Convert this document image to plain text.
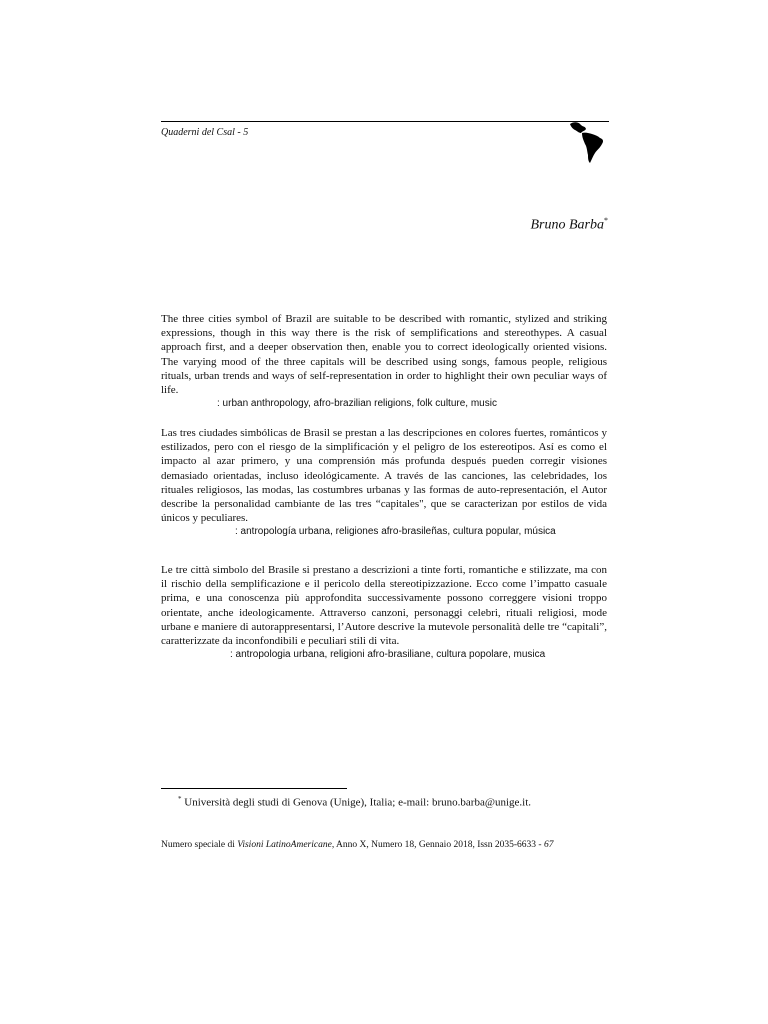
Quaderni del Csal - 5
Bruno Barba*

The three cities symbol of Brazil are suitable to be described with romantic, stylized and striking expressions, though in this way there is the risk of semplifications and stereothypes. A casual approach first, and a deeper observation then, enable you to correct ideologically oriented visions. The varying mood of the three capitals will be described using songs, famous people, religious rituals, urban trends and ways of self-representation in order to highlight their own peculiar ways of life.

: urban anthropology, afro-brazilian religions, folk culture, music

Las tres ciudades simbólicas de Brasil se prestan a las descripciones en colores fuertes, románticos y estilizados, pero con el riesgo de la simplificación y el peligro de los estereotipos. Así es como el impacto al azar primero, y una comprensión más profunda después pueden corregir visiones demasiado orientadas, incluso ideológicamente. A través de las canciones, las celebridades, los rituales religiosos, las modas, las costumbres urbanas y las formas de auto-representación, el Autor describe la personalidad cambiante de las tres “capitales", que se caracterizan por estilos de vida únicos y peculiares.

: antropología urbana, religiones afro-brasileñas, cultura popular, música

Le tre città simbolo del Brasile si prestano a descrizioni a tinte forti, romantiche e stilizzate, ma con il rischio della semplificazione e il pericolo della stereotipizzazione. Ecco come l’impatto casuale prima, e una conoscenza più approfondita successivamente possono correggere visioni troppo orientate, anche ideologicamente. Attraverso canzoni, personaggi celebri, rituali religiosi, mode urbane e maniere di autorappresentarsi, l’Autore descrive la mutevole personalità delle tre “capitali”, caratterizzate da inconfondibili e peculiari stili di vita.

: antropologia urbana, religioni afro-brasiliane, cultura popolare, musica
* Università degli studi di Genova (Unige), Italia; e-mail: bruno.barba@unige.it.
Numero speciale di Visioni LatinoAmericane, Anno X, Numero 18, Gennaio 2018, Issn 2035-6633 - 67
